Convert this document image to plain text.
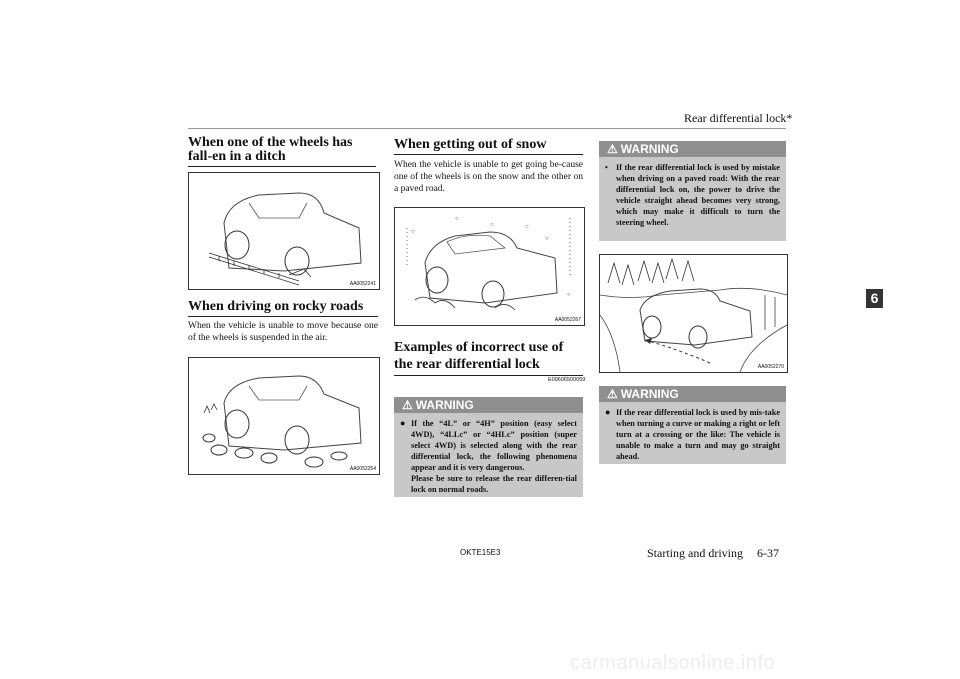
Rear differential lock*
6
When one of the wheels has fall-en in a ditch
AA0052241
When driving on rocky roads
When the vehicle is unable to move because one of the wheels is suspended in the air.
AA0052254
When getting out of snow
When the vehicle is unable to get going be-cause one of the wheels is on the snow and the other on a paved road.
○
○
○	○
○
○
AA0052267
Examples of incorrect use of the rear differential lock
E00606500059
⚠ WARNING
● If the “4L” or “4H” position (easy select 4WD), “4LLc” or “4HLc” position (super select 4WD) is selected along with the rear differential lock, the following phenomena appear and it is very dangerous.
Please be sure to release the rear differen-tial lock on normal roads.
⚠ WARNING
• If the rear differential lock is used by mistake when driving on a paved road: With the rear differential lock on, the power to drive the vehicle straight ahead becomes very strong, which may make it difficult to turn the steering wheel.
AA0052270
⚠ WARNING
● If the rear differential lock is used by mis-take when turning a curve or making a right or left turn at a crossing or the like: The vehicle is unable to make a turn and may go straight ahead.
OKTE15E3	Starting and driving 6-37
carmanualsonline.info
